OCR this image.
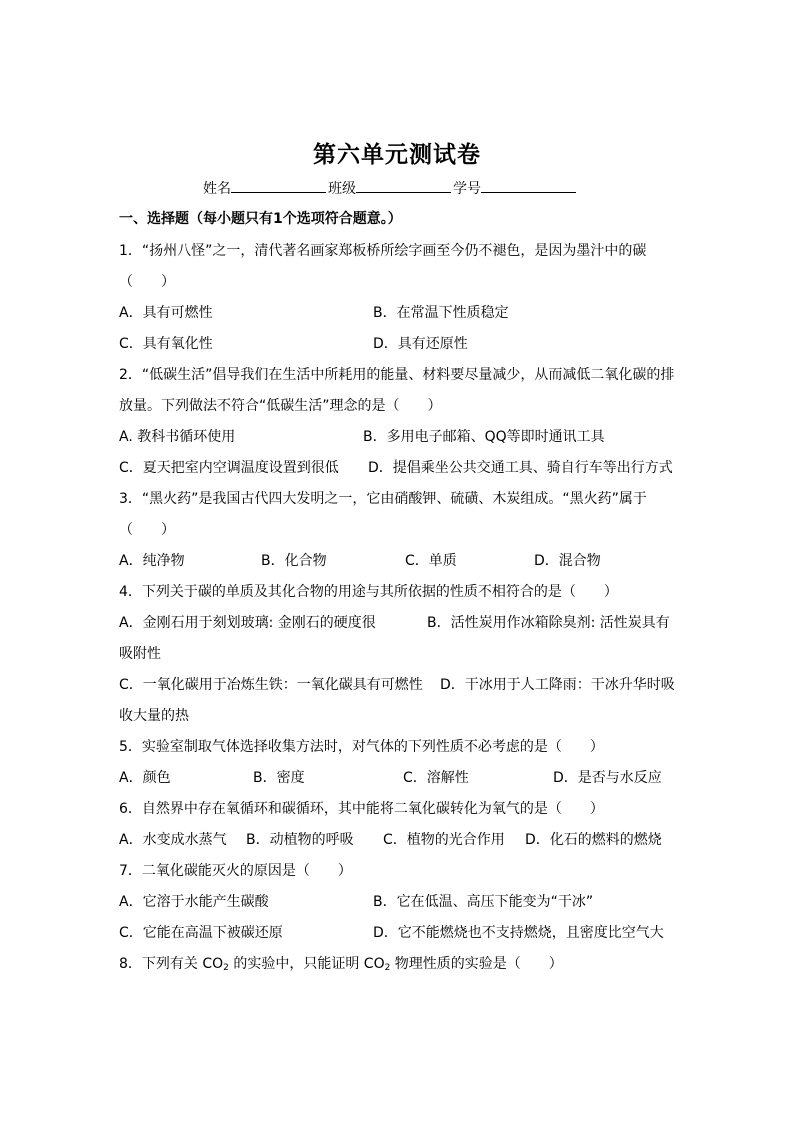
第六单元测试卷
姓名	班级	学号
一、选择题（每小题只有1个选项符合题意。）
1．“扬州八怪”之一，清代著名画家郑板桥所绘字画至今仍不褪色，是因为墨汁中的碳
（　　）
A．具有可燃性	B．在常温下性质稳定
C．具有氧化性	D．具有还原性
2．“低碳生活”倡导我们在生活中所耗用的能量、材料要尽量减少，从而减低二氧化碳的排
放量。下列做法不符合“低碳生活”理念的是（　　）
A. 教科书循环使用	B．多用电子邮箱、QQ等即时通讯工具
C．夏天把室内空调温度设置到很低 D．提倡乘坐公共交通工具、骑自行车等出行方式
3．“黑火药”是我国古代四大发明之一，它由硝酸钾、硫磺、木炭组成。“黑火药”属于
（　　）
A．纯净物	B．化合物	C．单质	D．混合物
4．下列关于碳的单质及其化合物的用途与其所依据的性质不相符合的是（　　）
A．金刚石用于刻划玻璃: 金刚石的硬度很	B．活性炭用作冰箱除臭剂: 活性炭具有
吸附性
C．一氧化碳用于冶炼生铁：一氧化碳具有可燃性 D．干冰用于人工降雨：干冰升华时吸
收大量的热
5．实验室制取气体选择收集方法时，对气体的下列性质不必考虑的是（　　）
A．颜色	B．密度	C．溶解性	D．是否与水反应
6．自然界中存在氧循环和碳循环，其中能将二氧化碳转化为氧气的是（　　）
A．水变成水蒸气 B．动植物的呼吸 C．植物的光合作用 D．化石的燃料的燃烧
7．二氧化碳能灭火的原因是（　　）
A．它溶于水能产生碳酸	B．它在低温、高压下能变为“干冰”
C．它能在高温下被碳还原	D．它不能燃烧也不支持燃烧，且密度比空气大
8．下列有关 $CO_2$ 的实验中，只能证明 $CO_2$ 物理性质的实验是（　　）
